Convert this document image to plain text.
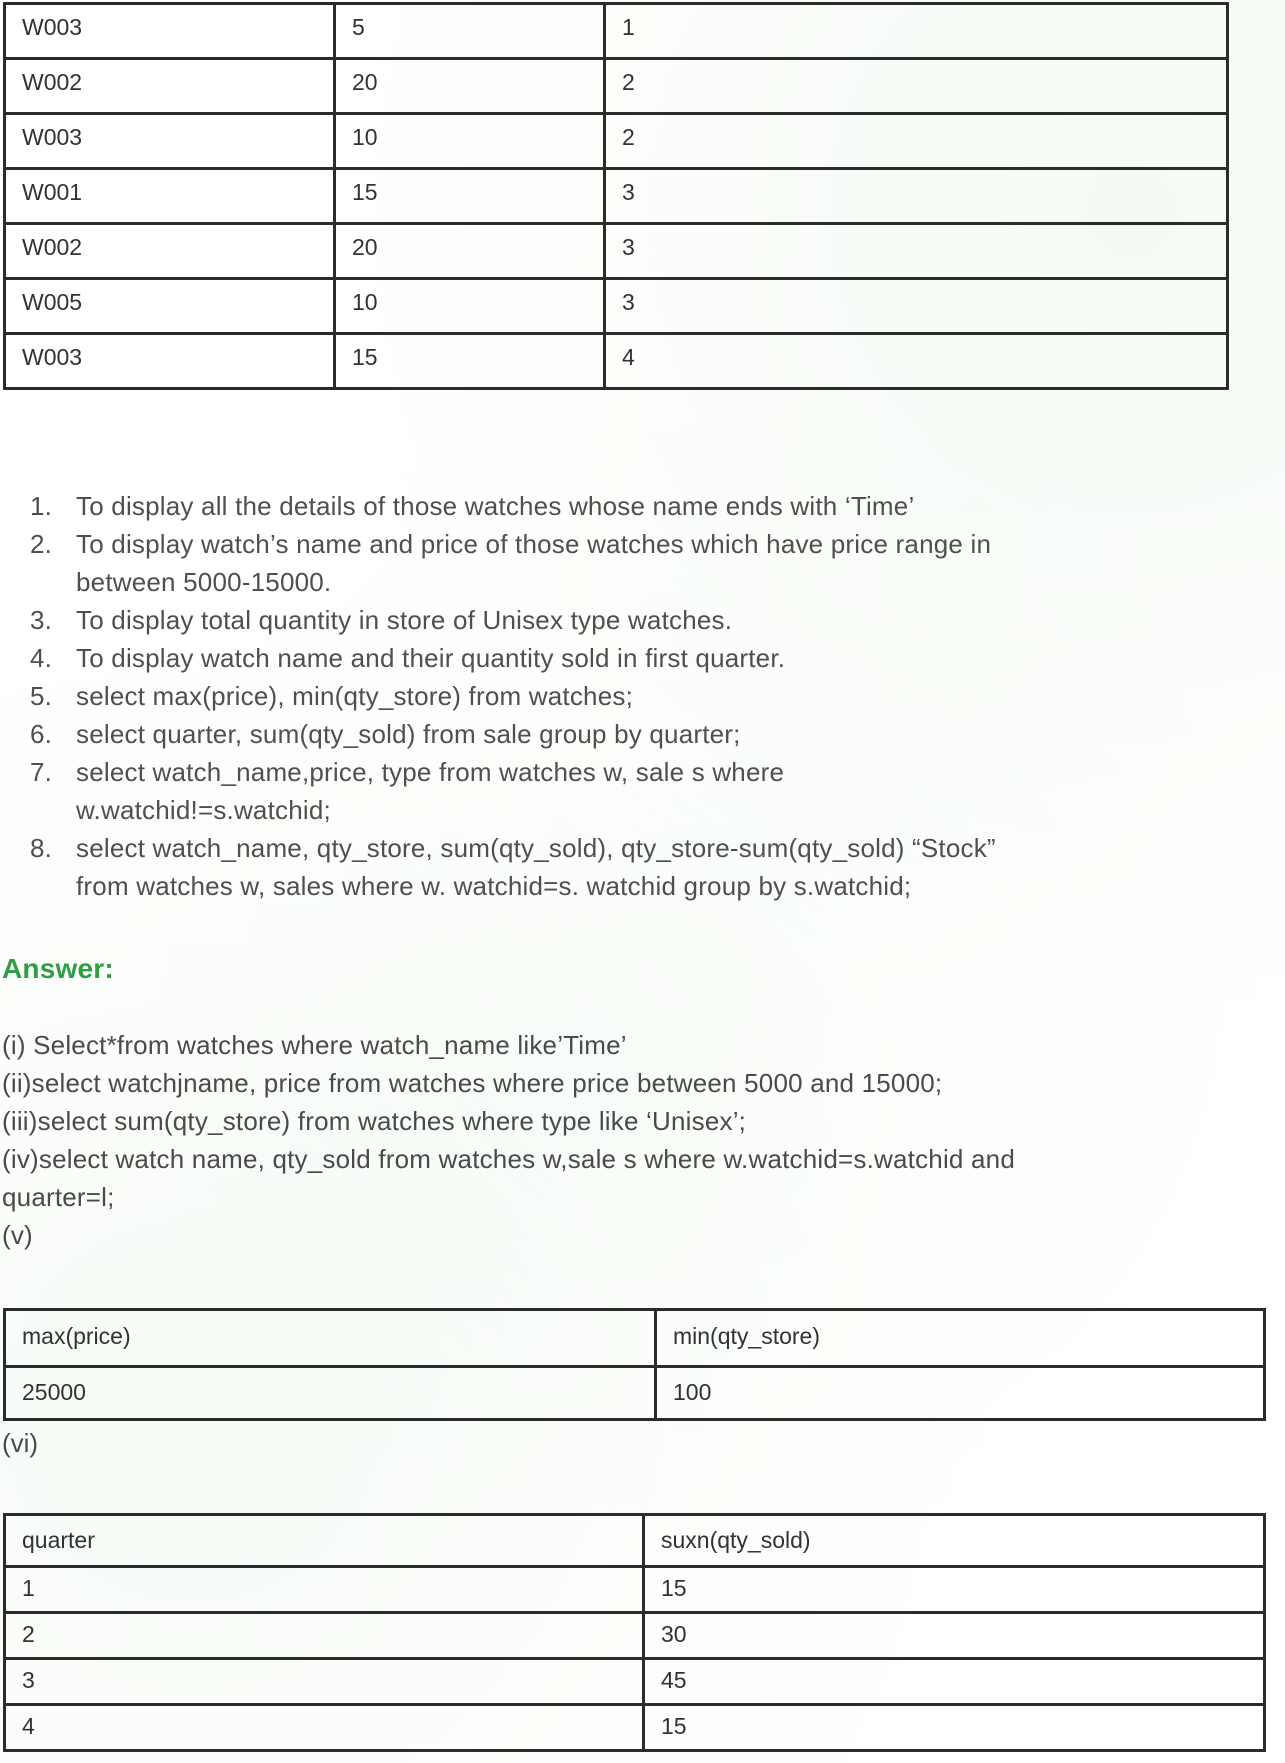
W003	5	1
W002	20	2
W003	10	2
W001	15	3
W002	20	3
W005	10	3
W003	15	4
1. To display all the details of those watches whose name ends with ‘Time’
2. To display watch’s name and price of those watches which have price range in
between 5000-15000.
3. To display total quantity in store of Unisex type watches.
4. To display watch name and their quantity sold in first quarter.
5. select max(price), min(qty_store) from watches;
6. select quarter, sum(qty_sold) from sale group by quarter;
7. select watch_name,price, type from watches w, sale s where
w.watchid!=s.watchid;
8. select watch_name, qty_store, sum(qty_sold), qty_store-sum(qty_sold) “Stock”
from watches w, sales where w. watchid=s. watchid group by s.watchid;
Answer:
(i) Select*from watches where watch_name like’Time’
(ii)select watchjname, price from watches where price between 5000 and 15000;
(iii)select sum(qty_store) from watches where type like ‘Unisex’;
(iv)select watch name, qty_sold from watches w,sale s where w.watchid=s.watchid and
quarter=l;
(v)
max(price)	min(qty_store)
25000	100
(vi)
quarter	suxn(qty_sold)
1	15
2	30
3	45
4	15
